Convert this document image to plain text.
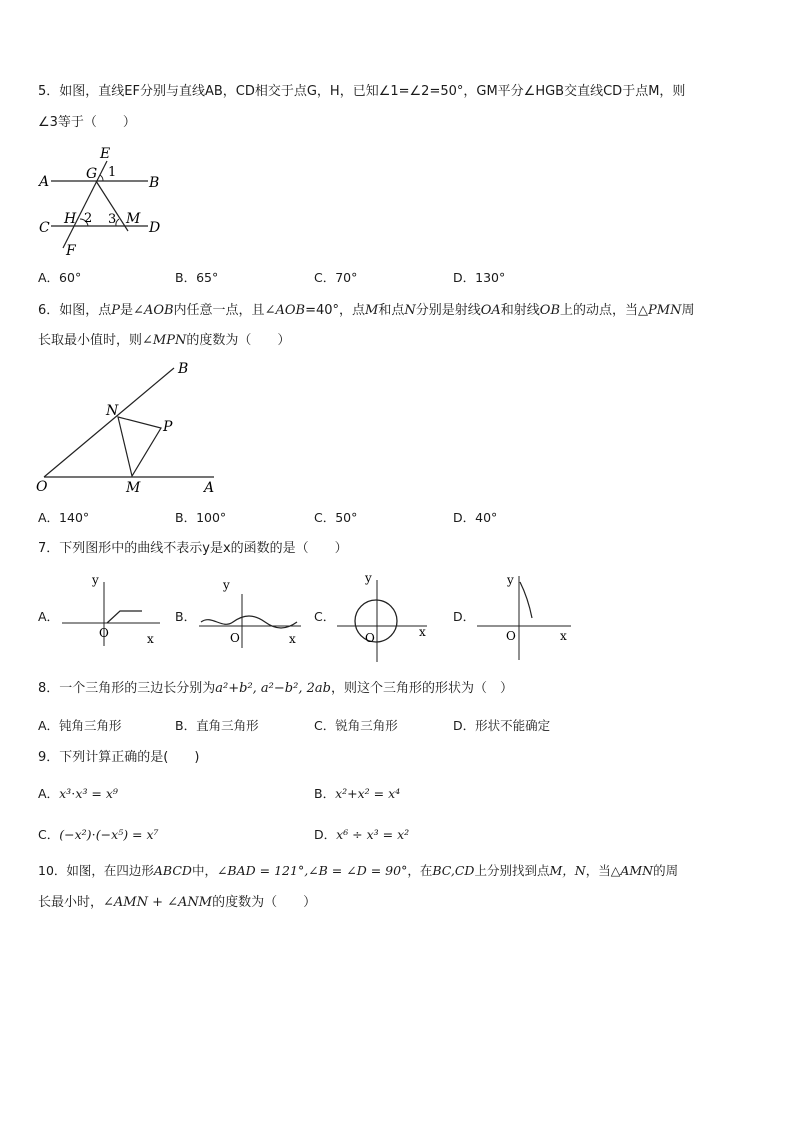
5．如图，直线EF分别与直线AB，CD相交于点G，H，已知∠1=∠2=50°，GM平分∠HGB交直线CD于点M，则
∠3等于（　　）
E
G 1
A	B
H 2 3 M
C	D
F
A．60°	B．65°	C．70°	D．130°
6．如图，点P是∠AOB内任意一点，且∠AOB=40°，点M和点N分别是射线OA和射线OB上的动点，当△PMN周
长取最小值时，则∠MPN的度数为（　　）
B
N
P
O	M	A
A．140°	B．100°	C．50°	D．40°
7．下列图形中的曲线不表示y是x的函数的是（　　）
A．
y
O	x
B．
y
O	x
C．
y
O	x
D．
y
O	x
8．一个三角形的三边长分别为a²+b², a²−b², 2ab，则这个三角形的形状为（　）
A．钝角三角形	B．直角三角形	C．锐角三角形	D．形状不能确定
9．下列计算正确的是(　　)
A．x³⋅x³ = x⁹	B．x²+x² = x⁴
C．(−x²)⋅(−x⁵) = x⁷	D．x⁶ ÷ x³ = x²
10．如图，在四边形ABCD中，∠BAD = 121°,∠B = ∠D = 90°，在BC,CD上分别找到点M，N，当△AMN的周
长最小时，∠AMN + ∠ANM的度数为（　　）
